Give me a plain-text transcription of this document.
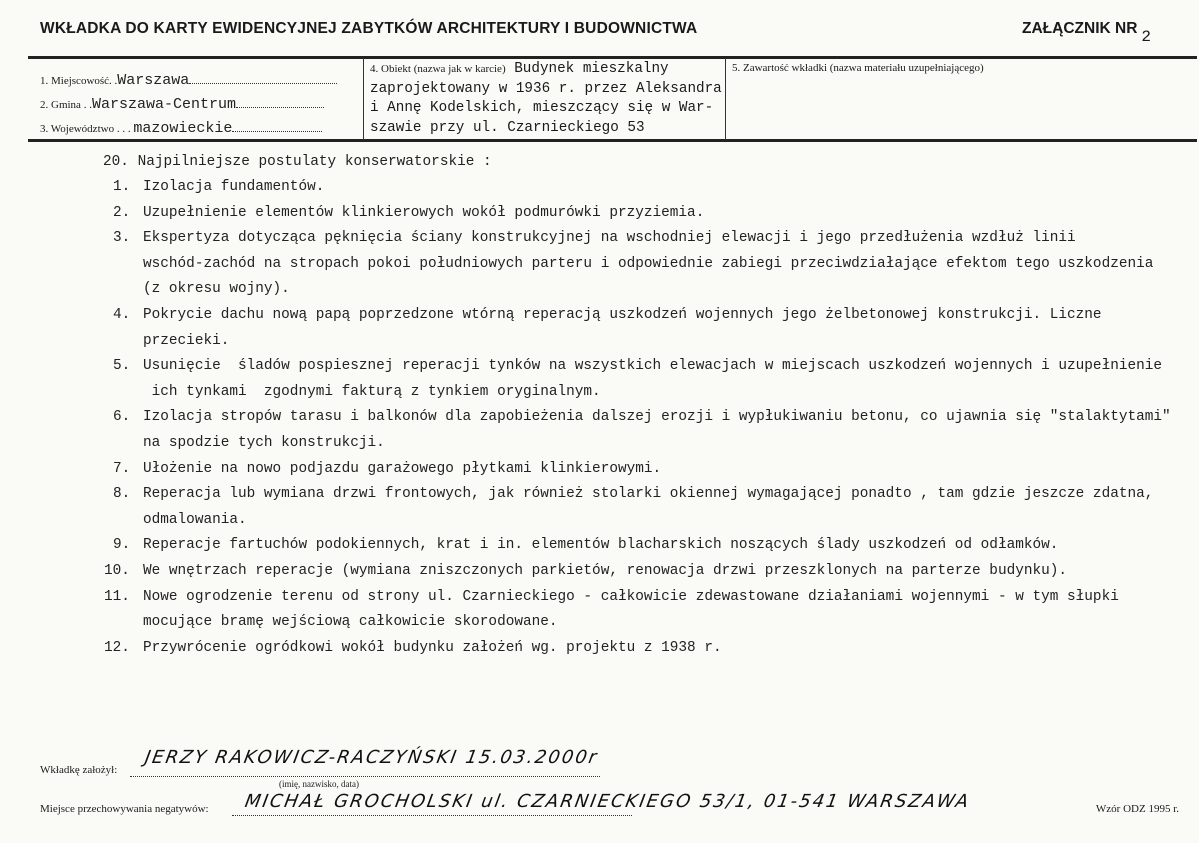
WKŁADKA DO KARTY EWIDENCYJNEJ ZABYTKÓW ARCHITEKTURY I BUDOWNICTWA	ZAŁĄCZNIK NR 2
1. Miejscowość. .Warszawa
2. Gmina . .Warszawa-Centrum
3. Województwo . . . mazowieckie
4. Obiekt (nazwa jak w karcie) Budynek mieszkalny
zaprojektowany w 1936 r. przez Aleksandra
i Annę Kodelskich, mieszczący się w War-
szawie przy ul. Czarnieckiego 53
5. Zawartość wkładki (nazwa materiału uzupełniającego)
20. Najpilniejsze postulaty konserwatorskie :
1. Izolacja fundamentów.
2. Uzupełnienie elementów klinkierowych wokół podmurówki przyziemia.
3. Ekspertyza dotycząca pęknięcia ściany konstrukcyjnej na wschodniej elewacji i jego przedłużenia wzdłuż linii
wschód-zachód na stropach pokoi południowych parteru i odpowiednie zabiegi przeciwdziałające efektom tego uszkodzenia
(z okresu wojny).
4. Pokrycie dachu nową papą poprzedzone wtórną reperacją uszkodzeń wojennych jego żelbetonowej konstrukcji. Liczne
przecieki.
5. Usunięcie  śladów pospiesznej reperacji tynków na wszystkich elewacjach w miejscach uszkodzeń wojennych i uzupełnienie
ich tynkami  zgodnymi fakturą z tynkiem oryginalnym.
6. Izolacja stropów tarasu i balkonów dla zapobieżenia dalszej erozji i wypłukiwaniu betonu, co ujawnia się "stalaktytami"
na spodzie tych konstrukcji.
7. Ułożenie na nowo podjazdu garażowego płytkami klinkierowymi.
8. Reperacja lub wymiana drzwi frontowych, jak również stolarki okiennej wymagającej ponadto , tam gdzie jeszcze zdatna,
odmalowania.
9. Reperacje fartuchów podokiennych, krat i in. elementów blacharskich noszących ślady uszkodzeń od odłamków.
10. We wnętrzach reperacje (wymiana zniszczonych parkietów, renowacja drzwi przeszklonych na parterze budynku).
11. Nowe ogrodzenie terenu od strony ul. Czarnieckiego - całkowicie zdewastowane działaniami wojennymi - w tym słupki
mocujące bramę wejściową całkowicie skorodowane.
12. Przywrócenie ogródkowi wokół budynku założeń wg. projektu z 1938 r.
Wkładkę założył:
JERZY RAKOWICZ-RACZYŃSKI 15.03.2000r
(imię, nazwisko, data)
Miejsce przechowywania negatywów: MICHAŁ GROCHOLSKI ul. CZARNIECKIEGO 53/1, 01-541 WARSZAWA	Wzór ODZ 1995 r.
